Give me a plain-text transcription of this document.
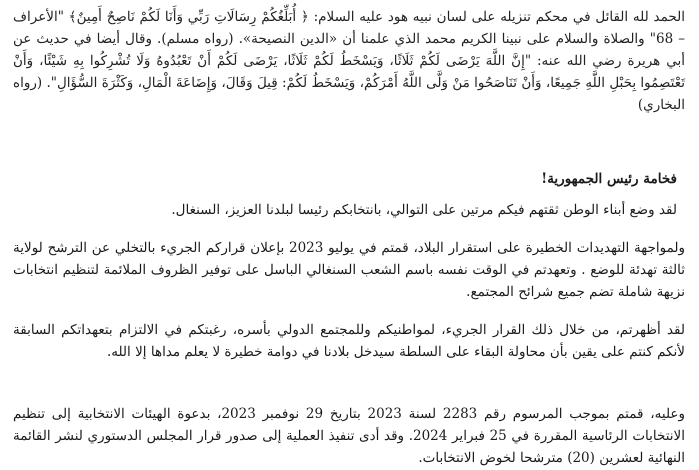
الحمد لله القائل في محكم تنزيله على لسان نبيه هود عليه السلام: ﴿ أُبَلِّغُكُمْ رِسَالَاتِ رَبِّي وَأَنَا لَكُمْ نَاصِحٌ أَمِينٌ﴾ "الأعراف – 68" والصلاة والسلام على نبينا الكريم محمد الذي علمنا أن «الدين النصيحة». (رواه مسلم). وقال أيضا في حديث عن أبي هريرة رضي الله عنه: "إِنَّ اللَّهَ يَرْضَى لَكُمْ ثَلَاثًا، وَيَسْخَطُ لَكُمْ ثَلَاثًا، يَرْضَى لَكُمْ أَنْ تَعْبُدُوهُ وَلَا تُشْرِكُوا بِهِ شَيْئًا، وَأَنْ تَعْتَصِمُوا بِحَبْلِ اللَّهِ جَمِيعًا، وَأَنْ تَنَاصَحُوا مَنْ وَلَّى اللَّهُ أَمْرَكُمْ، وَيَسْخَطُ لَكُمْ: قِيلَ وَقَالَ، وَإِضَاعَةَ الْمَالِ، وَكَثْرَةَ السُّؤَالِ". (رواه البخاري)

فخامة رئيس الجمهورية!

لقد وضع أبناء الوطن ثقتهم فيكم مرتين على التوالي، بانتخابكم رئيسا لبلدنا العزيز، السنغال.

ولمواجهة التهديدات الخطيرة على استقرار البلاد، قمتم في يوليو 2023 بإعلان قراركم الجريء بالتخلي عن الترشح لولاية ثالثة تهدئة للوضع . وتعهدتم في الوقت نفسه باسم الشعب السنغالي الباسل على توفير الظروف الملائمة لتنظيم انتخابات نزيهة شاملة تضم جميع شرائح المجتمع.

لقد أظهرتم، من خلال ذلك القرار الجريء، لمواطنيكم وللمجتمع الدولي بأسره، رغبتكم في الالتزام بتعهداتكم السابقة لأنكم كنتم على يقين بأن محاولة البقاء على السلطة سيدخل بلادنا في دوامة خطيرة لا يعلم مداها إلا الله.

وعليه، قمتم بموجب المرسوم رقم 2283 لسنة 2023 بتاريخ 29 نوفمبر 2023، بدعوة الهيئات الانتخابية إلى تنظيم الانتخابات الرئاسية المقررة في 25 فبراير 2024. وقد أدى تنفيذ العملية إلى صدور قرار المجلس الدستوري لنشر القائمة النهائية لعشرين (20) مترشحا لخوض الانتخابات.
